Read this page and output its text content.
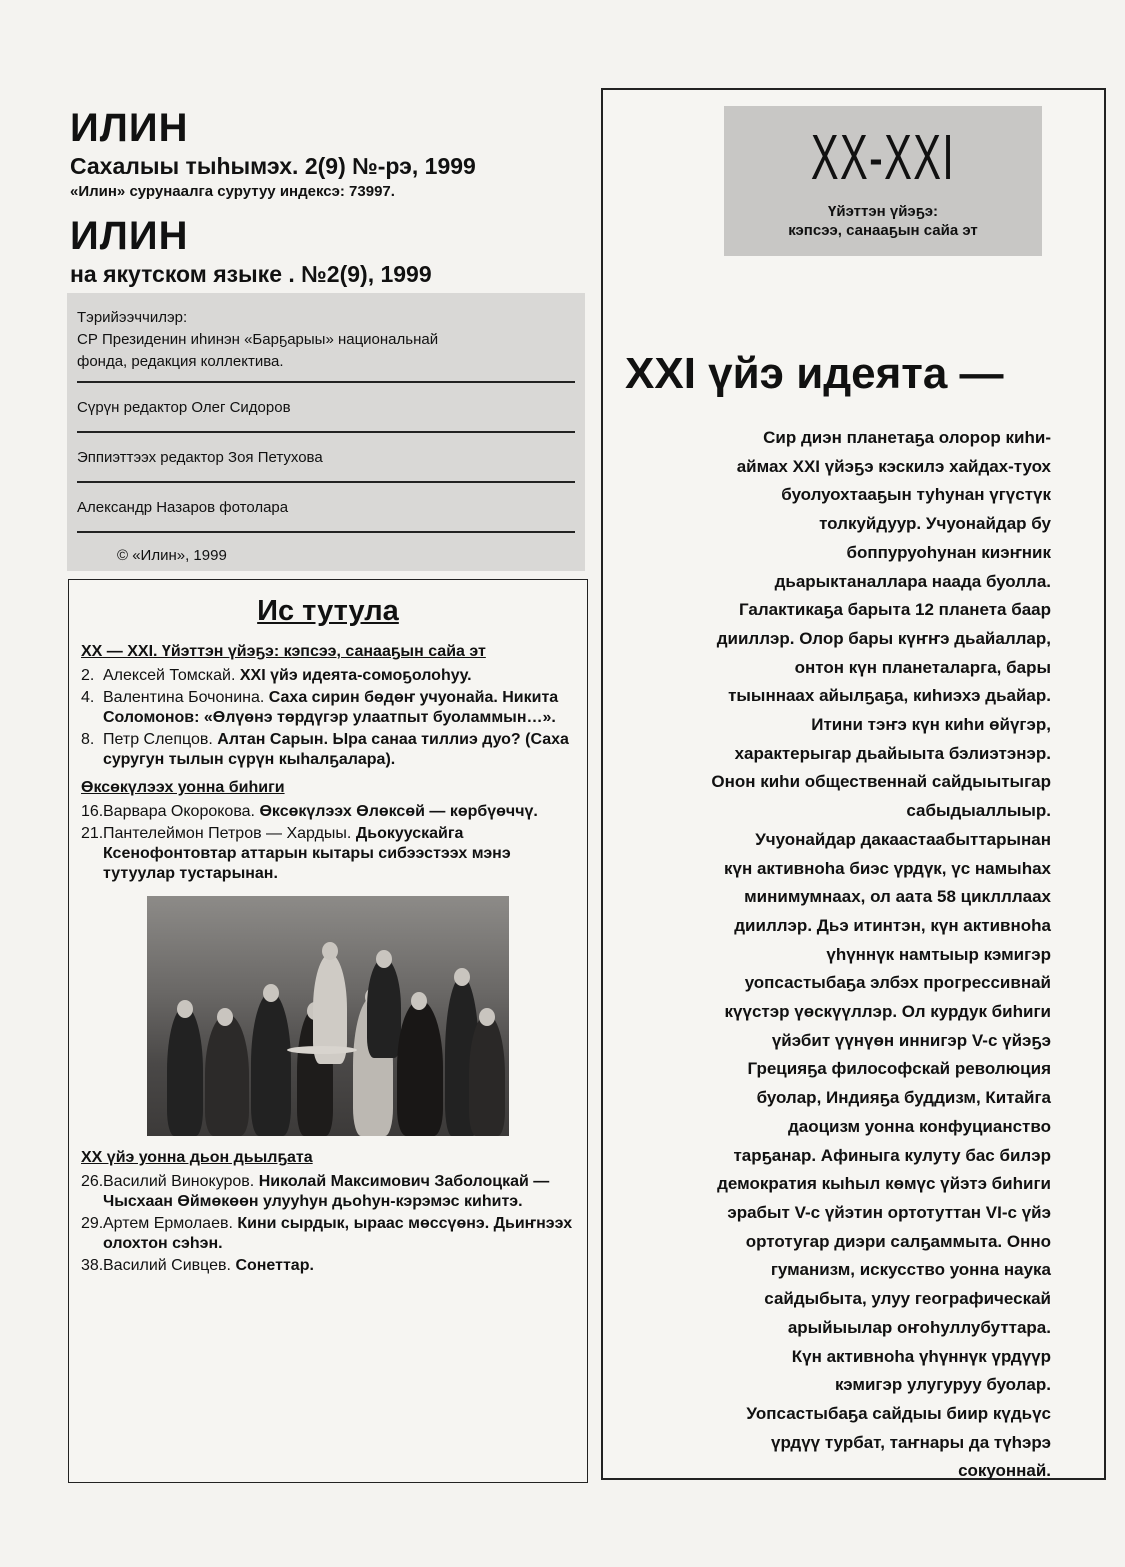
ИЛИН

Сахалыы тыhымэх. 2(9) №-рэ, 1999

«Илин» сурунаалга сурутуу индексэ: 73997.

ИЛИН

на якутском языке . №2(9), 1999

Тэрийээччилэр:
СР Президенин иhинэн «Барҕарыы» национальнай
фонда, редакция коллектива.
Сүрүн редактор Олег Сидоров
Эппиэттээх редактор Зоя Петухова
Александр Назаров фотолара
© «Илин», 1999

Ис тутула

XX — XXI. Үйэттэн үйэҕэ: кэпсээ, санааҕын сайа эт
2. Алексей Томскай. XXI үйэ идеята-сомоҕолоhуу.
4. Валентина Бочонина. Саха сирин бөдөҥ учуонайа. Никита Соломонов: «Өлүөнэ төрдүгэр улаатпыт буоламмын…».
8. Петр Слепцов. Алтан Сарын. Ыра санаа тиллиэ дуо? (Саха суругун тылын сүрүн кыhалҕалара).
Өксөкүлээх уонна биhиги
16. Варвара Окорокова. Өксөкүлээх Өлөксөй — көрбүөччү.
21. Пантелеймон Петров — Хардыы. Дьокуускайга Ксенофонтовтар аттарын кытары сибээстээх мэнэ тутуулар тустарынан.
XX үйэ уонна дьон дьылҕата
26. Василий Винокуров. Николай Максимович Заболоцкай — Чысхаан Өймөкөөн улууhун дьоhун-кэрэмэс киhитэ.
29. Артем Ермолаев. Кини сырдык, ыраас мөссүөнэ. Дьиҥнээх олохтон сэhэн.
38. Василий Сивцев. Сонеттар.

XX-XXI

Үйэттэн үйэҕэ:
кэпсээ, санааҕын сайа эт

XXI үйэ идеята —

Сир диэн планетаҕа олорор киhи-

аймах XXI үйэҕэ кэскилэ хайдах-туох

буолуохтааҕын туhунан үгүстүк

толкуйдуур. Учуонайдар бу

боппуруоhунан киэҥник

дьарыктаналлара наада буолла.

Галактикаҕа барыта 12 планета баар

дииллэр. Олор бары күҥҥэ дьайаллар,

онтон күн планеталарга, бары

тыыннаах айылҕаҕа, киhиэхэ дьайар.

Итини тэҥэ күн киhи өйүгэр,

характерыгар дьайыыта бэлиэтэнэр.

Онон киhи общественнай сайдыытыгар

сабыдыаллыыр.

Учуонайдар дакаастаабыттарынан

күн активноhа биэс үрдүк, үс намыhах

минимумнаах, ол аата 58 циклллаах

дииллэр. Дьэ итинтэн, күн активноhа

үhүннүк намтыыр кэмигэр

уопсастыбаҕа элбэх прогрессивнай

күүстэр үөскүүллэр. Ол курдук биhиги

үйэбит үүнүөн иннигэр V-с үйэҕэ

Грецияҕа философскай революция

буолар, Индияҕа буддизм, Китайга

даоцизм уонна конфуцианство

тарҕанар. Афиныга кулуту бас билэр

демократия кыhыл көмүс үйэтэ биhиги

эрабыт V-с үйэтин ортотуттан VI-с үйэ

ортотугар диэри салҕаммыта. Онно

гуманизм, искусство уонна наука

сайдыбыта, улуу географическай

арыйыылар оҥоhуллубуттара.

Күн активноhа үhүннүк үрдүүр

кэмигэр улугуруу буолар.

Уопсастыбаҕа сайдыы биир күдьүс

үрдүү турбат, таҥнары да түhэрэ

сокуоннай.
